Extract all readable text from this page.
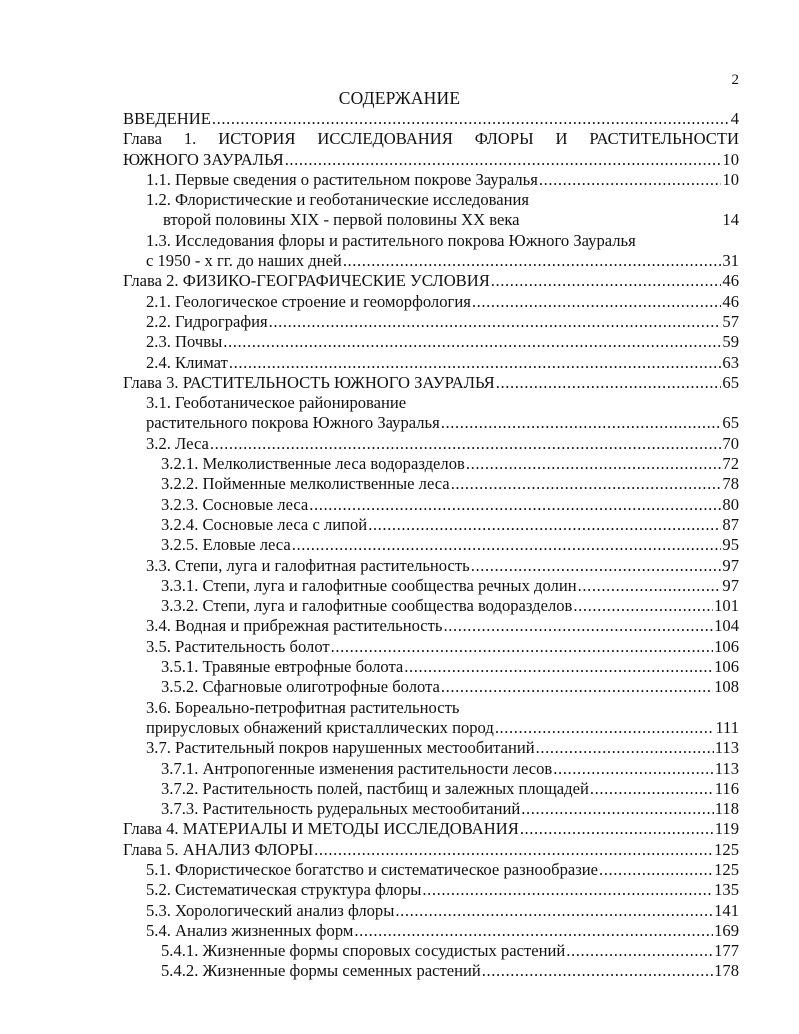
2
СОДЕРЖАНИЕ
ВВЕДЕНИЕ .....	4
Глава 1. ИСТОРИЯ ИССЛЕДОВАНИЯ ФЛОРЫ И РАСТИТЕЛЬНОСТИ
ЮЖНОГО ЗАУРАЛЬЯ .....	10
1.1. Первые сведения о растительном покрове Зауралья .....	10
1.2. Флористические и геоботанические исследования
второй половины XIX - первой половины XX века	14
1.3. Исследования флоры и растительного покрова Южного Зауралья
с 1950 - х гг. до наших дней .....	31
Глава 2. ФИЗИКО-ГЕОГРАФИЧЕСКИЕ УСЛОВИЯ .....	46
2.1. Геологическое строение и геоморфология .....	46
2.2. Гидрография .....	57
2.3. Почвы .....	59
2.4. Климат .....	63
Глава 3. РАСТИТЕЛЬНОСТЬ ЮЖНОГО ЗАУРАЛЬЯ .....	65
3.1. Геоботаническое районирование
растительного покрова Южного Зауралья .....	65
3.2. Леса .....	70
3.2.1. Мелколиственные леса водоразделов .....	72
3.2.2. Пойменные мелколиственные леса .....	78
3.2.3. Сосновые леса .....	80
3.2.4. Сосновые леса с липой .....	87
3.2.5. Еловые леса .....	95
3.3. Степи, луга и галофитная растительность .....	97
3.3.1. Степи, луга и галофитные сообщества речных долин .....	97
3.3.2. Степи, луга и галофитные сообщества водоразделов .....	101
3.4. Водная и прибрежная растительность .....	104
3.5. Растительность болот .....	106
3.5.1. Травяные евтрофные болота .....	106
3.5.2. Сфагновые олиготрофные болота .....	108
3.6. Бореально-петрофитная растительность
прирусловых обнажений кристаллических пород .....	111
3.7. Растительный покров нарушенных местообитаний .....	113
3.7.1. Антропогенные изменения растительности лесов .....	113
3.7.2. Растительность полей, пастбищ и залежных площадей .....	116
3.7.3. Растительность рудеральных местообитаний .....	118
Глава 4. МАТЕРИАЛЫ И МЕТОДЫ ИССЛЕДОВАНИЯ .....	119
Глава 5. АНАЛИЗ ФЛОРЫ .....	125
5.1. Флористическое богатство и систематическое разнообразие .....	125
5.2. Систематическая структура флоры .....	135
5.3. Хорологический анализ флоры .....	141
5.4. Анализ жизненных форм .....	169
5.4.1. Жизненные формы споровых сосудистых растений .....	177
5.4.2. Жизненные формы семенных растений .....	178
